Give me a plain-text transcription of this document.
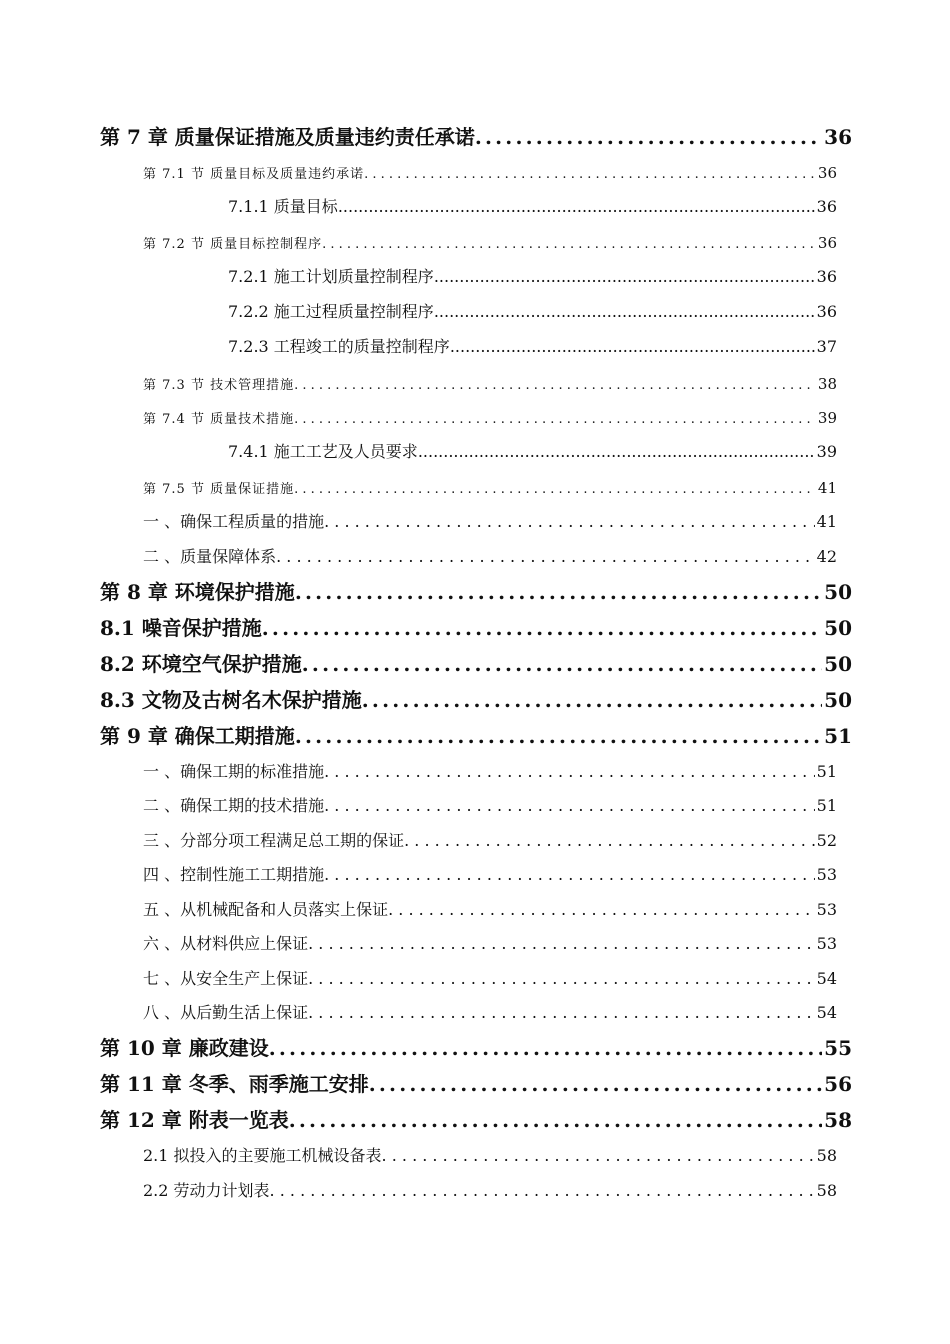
第 7 章 质量保证措施及质量违约责任承诺 .....	36
第 7.1 节 质量目标及质量违约承诺 . . .	36
7.1.1 质量目标 .....	36
第 7.2 节 质量目标控制程序 . . .	36
7.2.1 施工计划质量控制程序 .....	36
7.2.2 施工过程质量控制程序 .....	36
7.2.3 工程竣工的质量控制程序 .....	37
第 7.3 节 技术管理措施 . . .	38
第 7.4 节 质量技术措施 . . .	39
7.4.1 施工工艺及人员要求 .....	39
第 7.5 节 质量保证措施 . . .	41
一 、确保工程质量的措施 . . .	41
二 、质量保障体系 . . .	42
第 8 章 环境保护措施 .....	50
8.1 噪音保护措施 .....	50
8.2 环境空气保护措施 .....	50
8.3 文物及古树名木保护措施 .....	50
第 9 章 确保工期措施 .....	51
一 、确保工期的标准措施 . . .	51
二 、确保工期的技术措施 . . .	51
三 、分部分项工程满足总工期的保证 . . .	52
四 、控制性施工工期措施 . . .	53
五 、从机械配备和人员落实上保证 . . .	53
六 、从材料供应上保证 . . .	53
七 、从安全生产上保证 . . .	54
八 、从后勤生活上保证 . . .	54
第 10 章 廉政建设 .....	55
第 11 章 冬季、雨季施工安排 .....	56
第 12 章 附表一览表 .....	58
2.1 拟投入的主要施工机械设备表 . . .	58
2.2 劳动力计划表 . . .	58
